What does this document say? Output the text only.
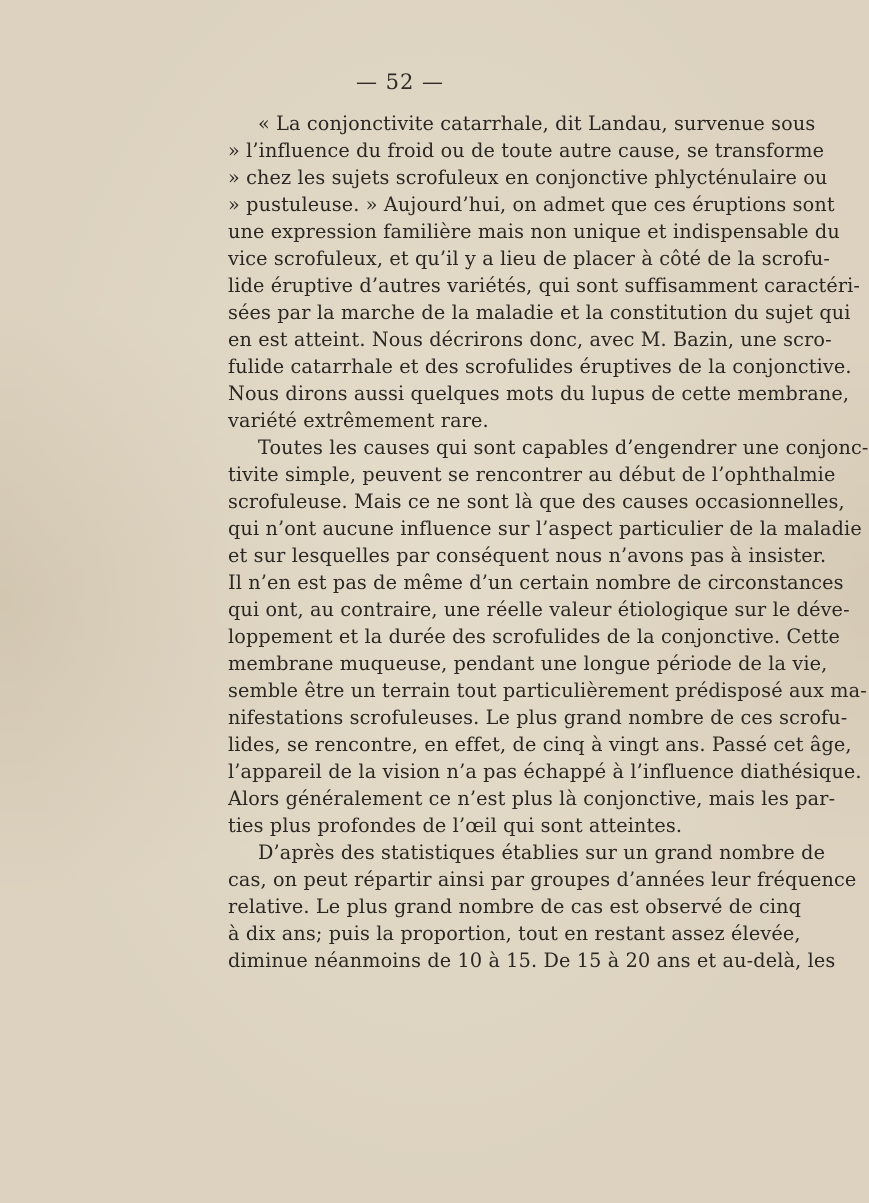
— 52 —
« La conjonctivite catarrhale, dit Landau, survenue sous
» l’influence du froid ou de toute autre cause, se transforme
» chez les sujets scrofuleux en conjonctive phlycténulaire ou
» pustuleuse. » Aujourd’hui, on admet que ces éruptions sont
une expression familière mais non unique et indispensable du
vice scrofuleux, et qu’il y a lieu de placer à côté de la scrofu-
lide éruptive d’autres variétés, qui sont suffisamment caractéri-
sées par la marche de la maladie et la constitution du sujet qui
en est atteint. Nous décrirons donc, avec M. Bazin, une scro-
fulide catarrhale et des scrofulides éruptives de la conjonctive.
Nous dirons aussi quelques mots du lupus de cette membrane,
variété extrêmement rare.
Toutes les causes qui sont capables d’engendrer une conjonc-
tivite simple, peuvent se rencontrer au début de l’ophthalmie
scrofuleuse. Mais ce ne sont là que des causes occasionnelles,
qui n’ont aucune influence sur l’aspect particulier de la maladie
et sur lesquelles par conséquent nous n’avons pas à insister.
Il n’en est pas de même d’un certain nombre de circonstances
qui ont, au contraire, une réelle valeur étiologique sur le déve-
loppement et la durée des scrofulides de la conjonctive. Cette
membrane muqueuse, pendant une longue période de la vie,
semble être un terrain tout particulièrement prédisposé aux ma-
nifestations scrofuleuses. Le plus grand nombre de ces scrofu-
lides, se rencontre, en effet, de cinq à vingt ans. Passé cet âge,
l’appareil de la vision n’a pas échappé à l’influence diathésique.
Alors généralement ce n’est plus là conjonctive, mais les par-
ties plus profondes de l’œil qui sont atteintes.
D’après des statistiques établies sur un grand nombre de
cas, on peut répartir ainsi par groupes d’années leur fréquence
relative. Le plus grand nombre de cas est observé de cinq
à dix ans; puis la proportion, tout en restant assez élevée,
diminue néanmoins de 10 à 15. De 15 à 20 ans et au-delà, les
